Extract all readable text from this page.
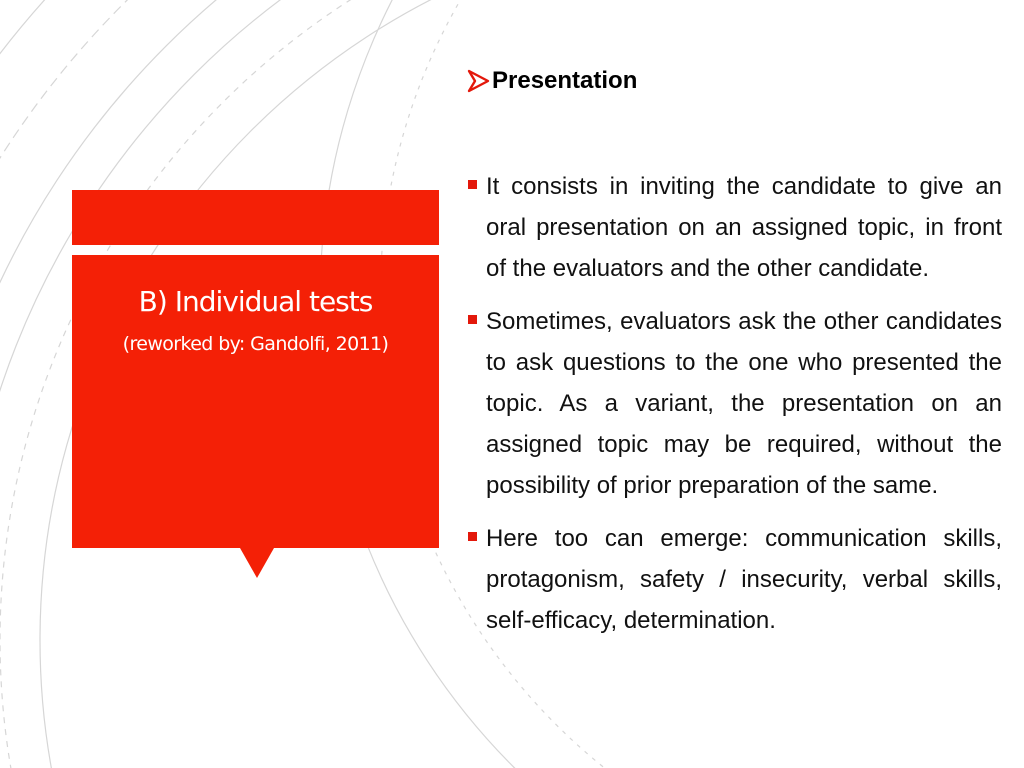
B) Individual tests
(reworked by: Gandolfi, 2011)
Presentation
It consists in inviting the candidate to give an oral presentation on an assigned topic, in front of the evaluators and the other candidate.
Sometimes, evaluators ask the other candidates to ask questions to the one who presented the topic. As a variant, the presentation on an assigned topic may be required, without the possibility of prior preparation of the same.
Here too can emerge: communication skills, protagonism, safety / insecurity, verbal skills, self-efficacy, determination.
